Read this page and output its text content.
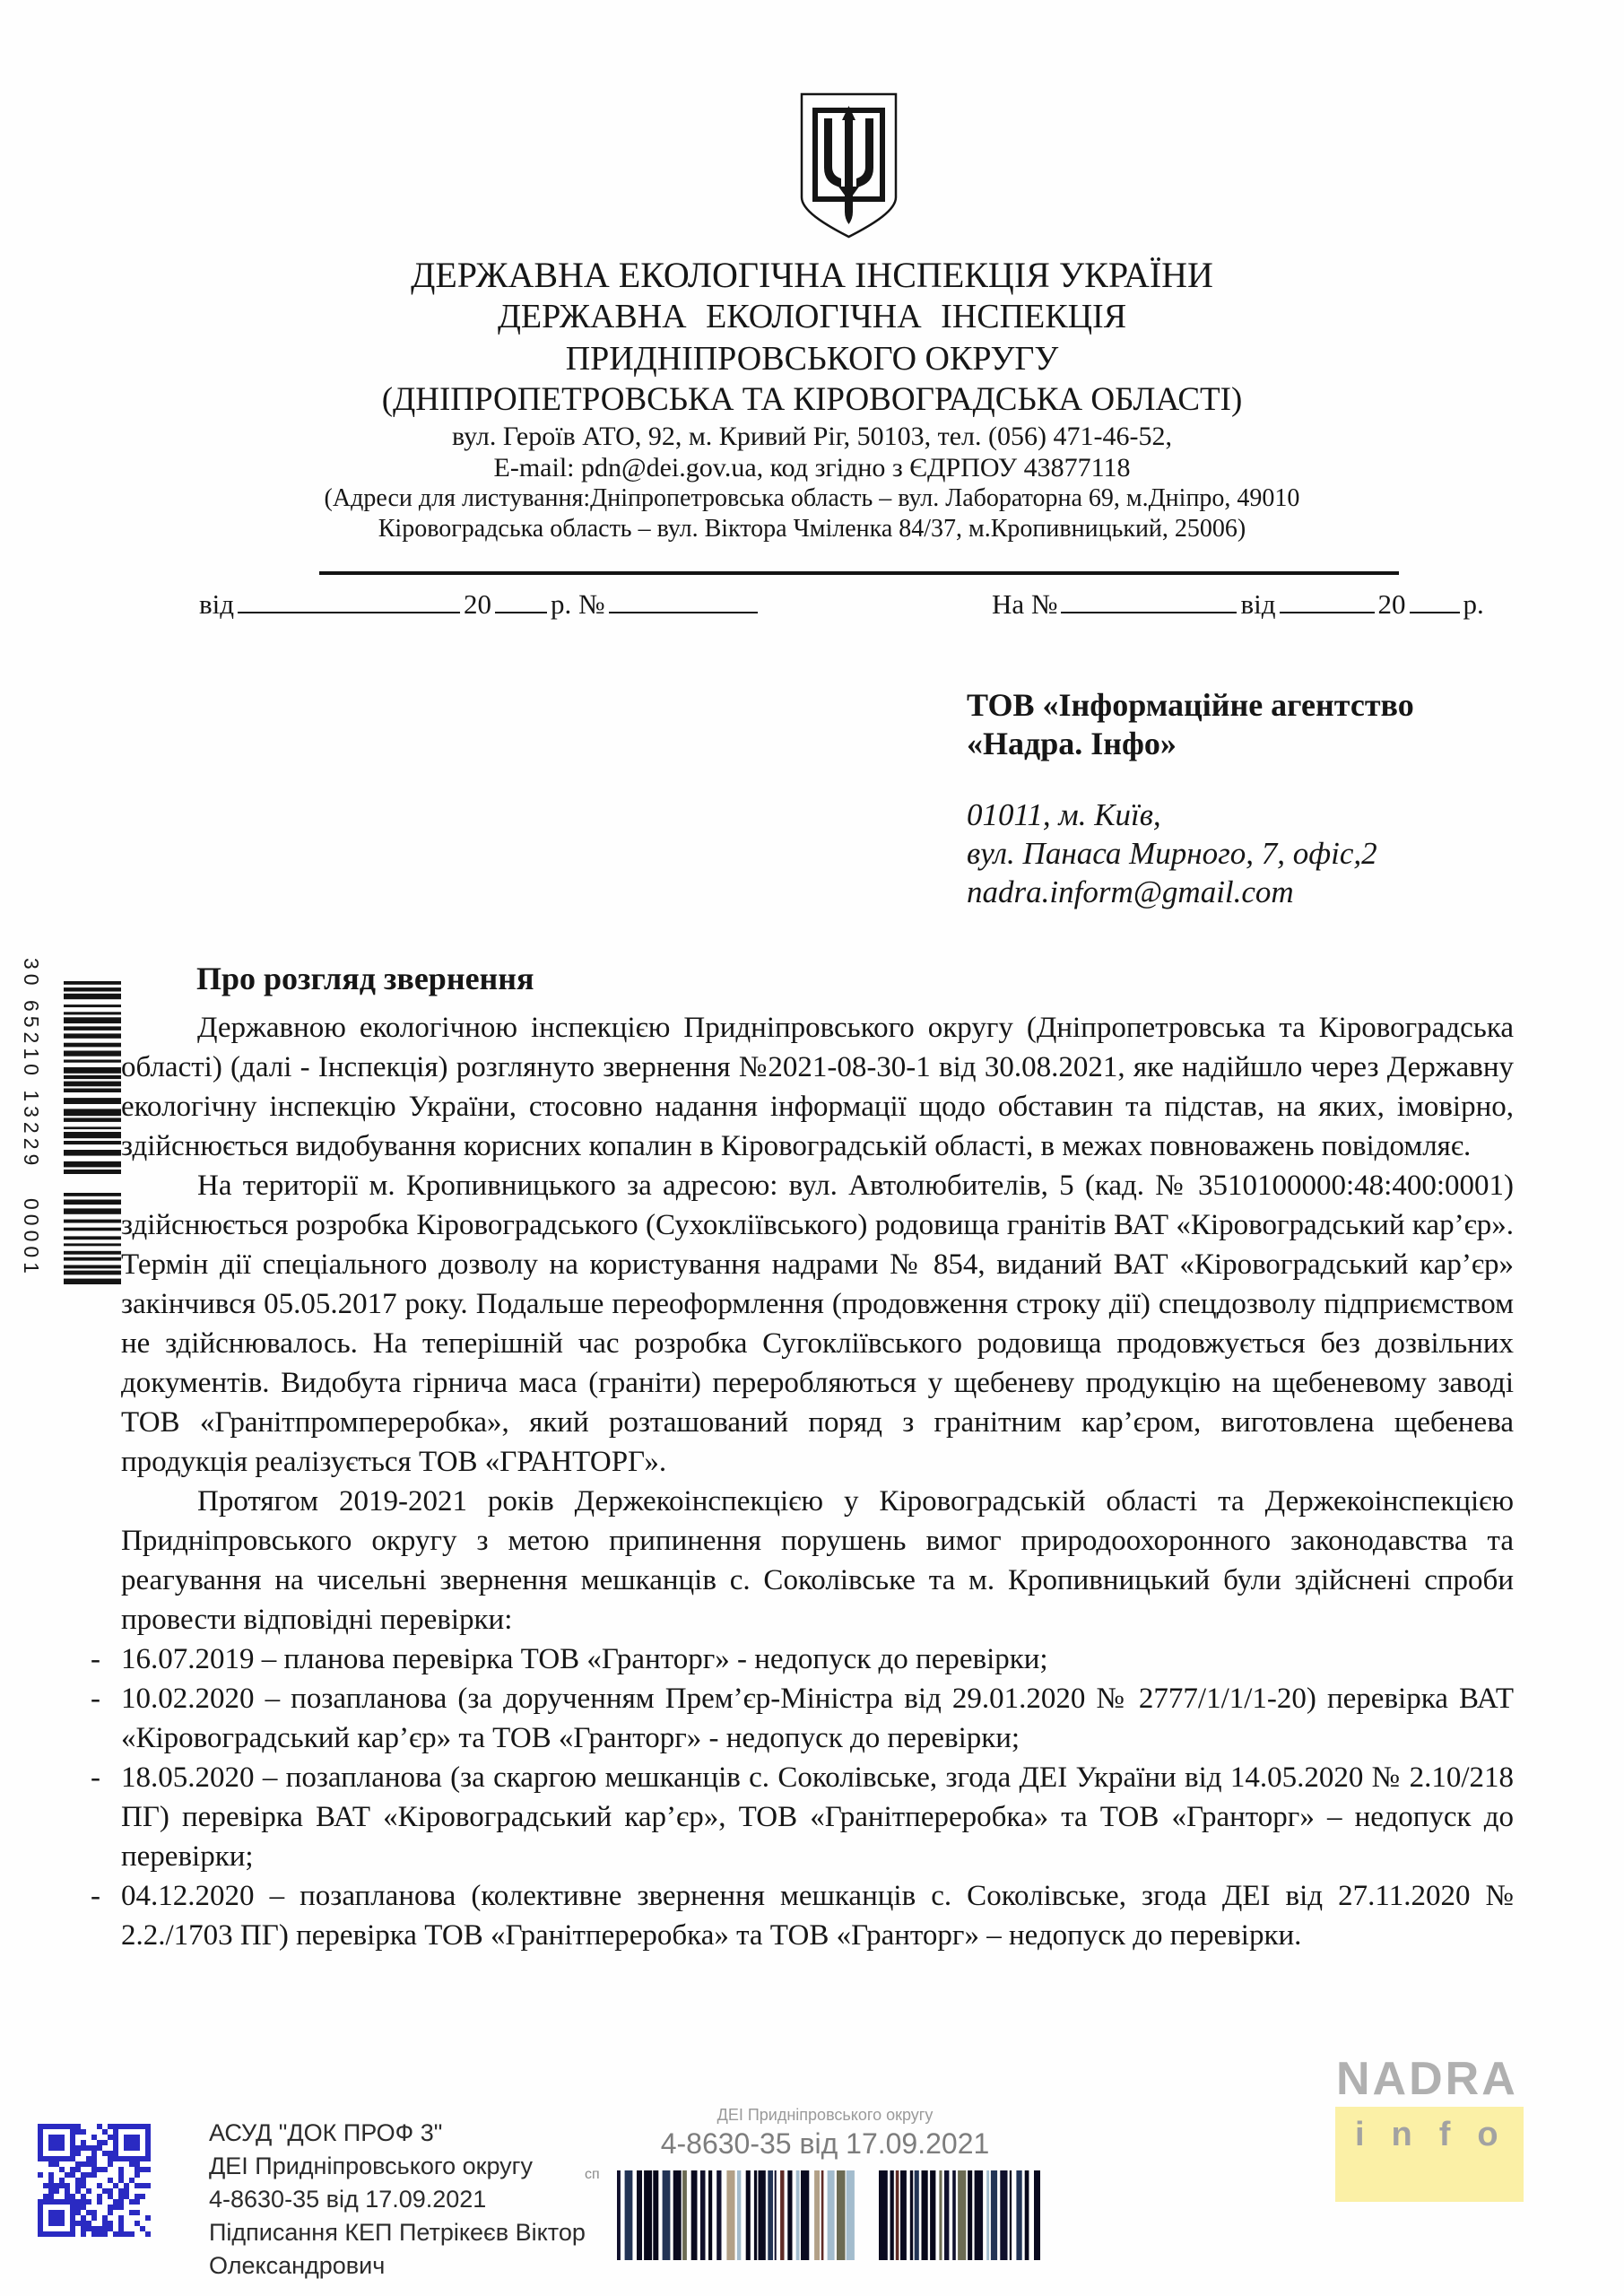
ДЕРЖАВНА ЕКОЛОГІЧНА ІНСПЕКЦІЯ УКРАЇНИ
ДЕРЖАВНА ЕКОЛОГІЧНА ІНСПЕКЦІЯ
ПРИДНІПРОВСЬКОГО ОКРУГУ
(ДНІПРОПЕТРОВСЬКА ТА КІРОВОГРАДСЬКА ОБЛАСТІ)
вул. Героїв АТО, 92, м. Кривий Ріг, 50103, тел. (056) 471-46-52,
E-mail: pdn@dei.gov.ua, код згідно з ЄДРПОУ 43877118
(Адреси для листування:Дніпропетровська область – вул. Лабораторна 69, м.Дніпро, 49010
Кіровоградська область – вул. Віктора Чміленка 84/37, м.Кропивницький, 25006)
від	20 р. №	На №	від	20 р.
ТОВ «Інформаційне агентство
«Надра. Інфо»
01011, м. Київ,
вул. Панаса Мирного, 7, офіс,2
nadra.inform@gmail.com
Про розгляд звернення

Державною екологічною інспекцією Придніпровського округу (Дніпропетровська та Кіровоградська області) (далі - Інспекція) розглянуто звернення №2021-08-30-1 від 30.08.2021, яке надійшло через Державну екологічну інспекцію України, стосовно надання інформації щодо обставин та підстав, на яких, імовірно, здійснюється видобування корисних копалин в Кіровоградській області, в межах повноважень повідомляє.

На території м. Кропивницького за адресою: вул. Автолюбителів, 5 (кад. № 3510100000:48:400:0001) здійснюється розробка Кіровоградського (Сухокліївського) родовища гранітів ВАТ «Кіровоградський кар’єр». Термін дії спеціального дозволу на користування надрами № 854, виданий ВАТ «Кіровоградський кар’єр» закінчився 05.05.2017 року. Подальше переоформлення (продовження строку дії) спецдозволу підприємством не здійснювалось. На теперішній час розробка Сугокліївського родовища продовжується без дозвільних документів. Видобута гірнича маса (граніти) переробляються у щебеневу продукцію на щебеневому заводі ТОВ «Гранітпромпереробка», який розташований поряд з гранітним кар’єром, виготовлена щебенева продукція реалізується ТОВ «ГРАНТОРГ».

Протягом 2019-2021 років Держекоінспекцією у Кіровоградській області та Держекоінспекцією Придніпровського округу з метою припинення порушень вимог природоохоронного законодавства та реагування на чисельні звернення мешканців с. Соколівське та м. Кропивницький були здійснені спроби провести відповідні перевірки:

- 16.07.2019 – планова перевірка ТОВ «Гранторг» - недопуск до перевірки;
- 10.02.2020 – позапланова (за дорученням Прем’єр-Міністра від 29.01.2020 № 2777/1/1/1-20) перевірка ВАТ «Кіровоградський кар’єр» та ТОВ «Гранторг» - недопуск до перевірки;
- 18.05.2020 – позапланова (за скаргою мешканців с. Соколівське, згода ДЕІ України від 14.05.2020 № 2.10/218 ПГ) перевірка ВАТ «Кіровоградський кар’єр», ТОВ «Гранітпереробка» та ТОВ «Гранторг» – недопуск до перевірки;
- 04.12.2020 – позапланова (колективне звернення мешканців с. Соколівське, згода ДЕІ від 27.11.2020 № 2.2./1703 ПГ) перевірка ТОВ «Гранітпереробка» та ТОВ «Гранторг» – недопуск до перевірки.
30 65210 13229
00001
АСУД "ДОК ПРОФ 3"
ДЕІ Придніпровського округу
4-8630-35 від 17.09.2021
Підписання КЕП Петрікеєв Віктор
Олександрович
ДЕІ Придніпровського округу
4-8630-35 від 17.09.2021
сп
NADRA
info
